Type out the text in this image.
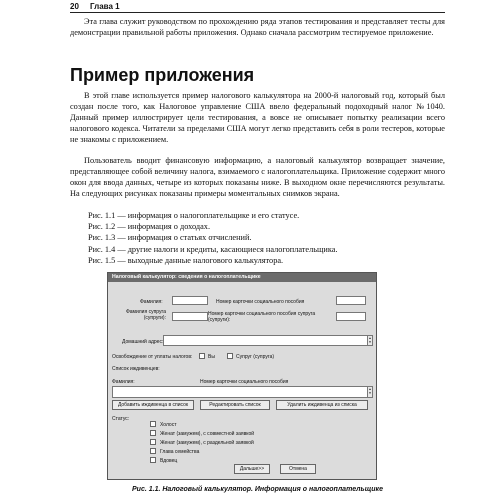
20 Глава 1

Эта глава служит руководством по прохождению ряда этапов тестирования и представляет тесты для демонстрации правильной работы приложения. Однако сначала рассмотрим тестируемое приложение.

Пример приложения

В этой главе используется пример налогового калькулятора на 2000-й налоговый год, который был создан после того, как Налоговое управление США ввело федеральный подоходный налог №1040. Данный пример иллюстрирует цели тестирования, а вовсе не описывает попытку реализации всего налогового кодекса. Читатели за пределами США могут легко представить себя в роли тестеров, которые не знакомы с приложением.

Пользователь вводит финансовую информацию, а налоговый калькулятор возвращает значение, представляющее собой величину налога, взимаемого с налогоплательщика. Приложение содержит много окон для ввода данных, четыре из которых показаны ниже. В выходном окне перечисляются результаты. На следующих рисунках показаны примеры моментальных снимков экрана.

Рис. 1.1 — информация о налогоплательщике и его статусе.
Рис. 1.2 — информация о доходах.
Рис. 1.3 — информация о статьях отчислений.
Рис. 1.4 — другие налоги и кредиты, касающиеся налогоплательщика.
Рис. 1.5 — выходные данные налогового калькулятора.
Налоговый калькулятор: сведения о налогоплательщике
Фамилия:	Номер карточки социального пособия
Фамилия супруга (супруги):
Номер карточки социального пособия супруга (супруги):
Домашний адрес:
▴
▾
Освобождение от уплаты налогов:	Вы	Супруг (супруга)
Список иждивенцев:
Фамилия:	Номер карточки социального пособия
▴
▾
Добавить иждивенца в список	Редактировать список	Удалить иждивенца из списка
Статус:
Холост
Женат (замужем), с совместной заявкой
Женат (замужем), с раздельной заявкой
Глава семейства
Вдовец
Дальше>>	Отмена
Рис. 1.1. Налоговый калькулятор. Информация о налогоплательщике
